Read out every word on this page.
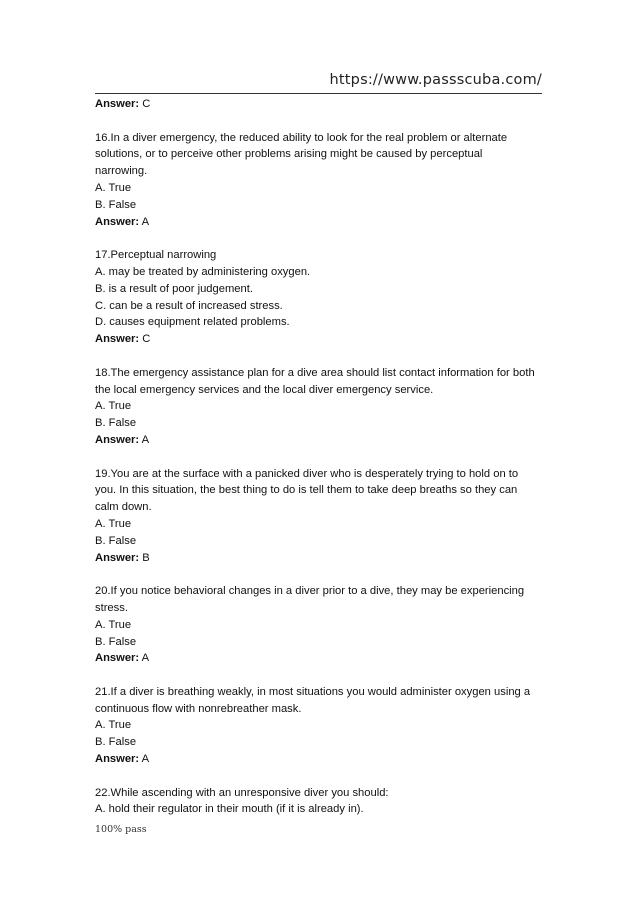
https://www.passscuba.com/

Answer: C

16.In a diver emergency, the reduced ability to look for the real problem or alternate

solutions, or to perceive other problems arising might be caused by perceptual

narrowing.

A. True

B. False

Answer: A

17.Perceptual narrowing

A. may be treated by administering oxygen.

B. is a result of poor judgement.

C. can be a result of increased stress.

D. causes equipment related problems.

Answer: C

18.The emergency assistance plan for a dive area should list contact information for both

the local emergency services and the local diver emergency service.

A. True

B. False

Answer: A

19.You are at the surface with a panicked diver who is desperately trying to hold on to

you. In this situation, the best thing to do is tell them to take deep breaths so they can

calm down.

A. True

B. False

Answer: B

20.If you notice behavioral changes in a diver prior to a dive, they may be experiencing

stress.

A. True

B. False

Answer: A

21.If a diver is breathing weakly, in most situations you would administer oxygen using a

continuous flow with nonrebreather mask.

A. True

B. False

Answer: A

22.While ascending with an unresponsive diver you should:

A. hold their regulator in their mouth (if it is already in).

100% pass
